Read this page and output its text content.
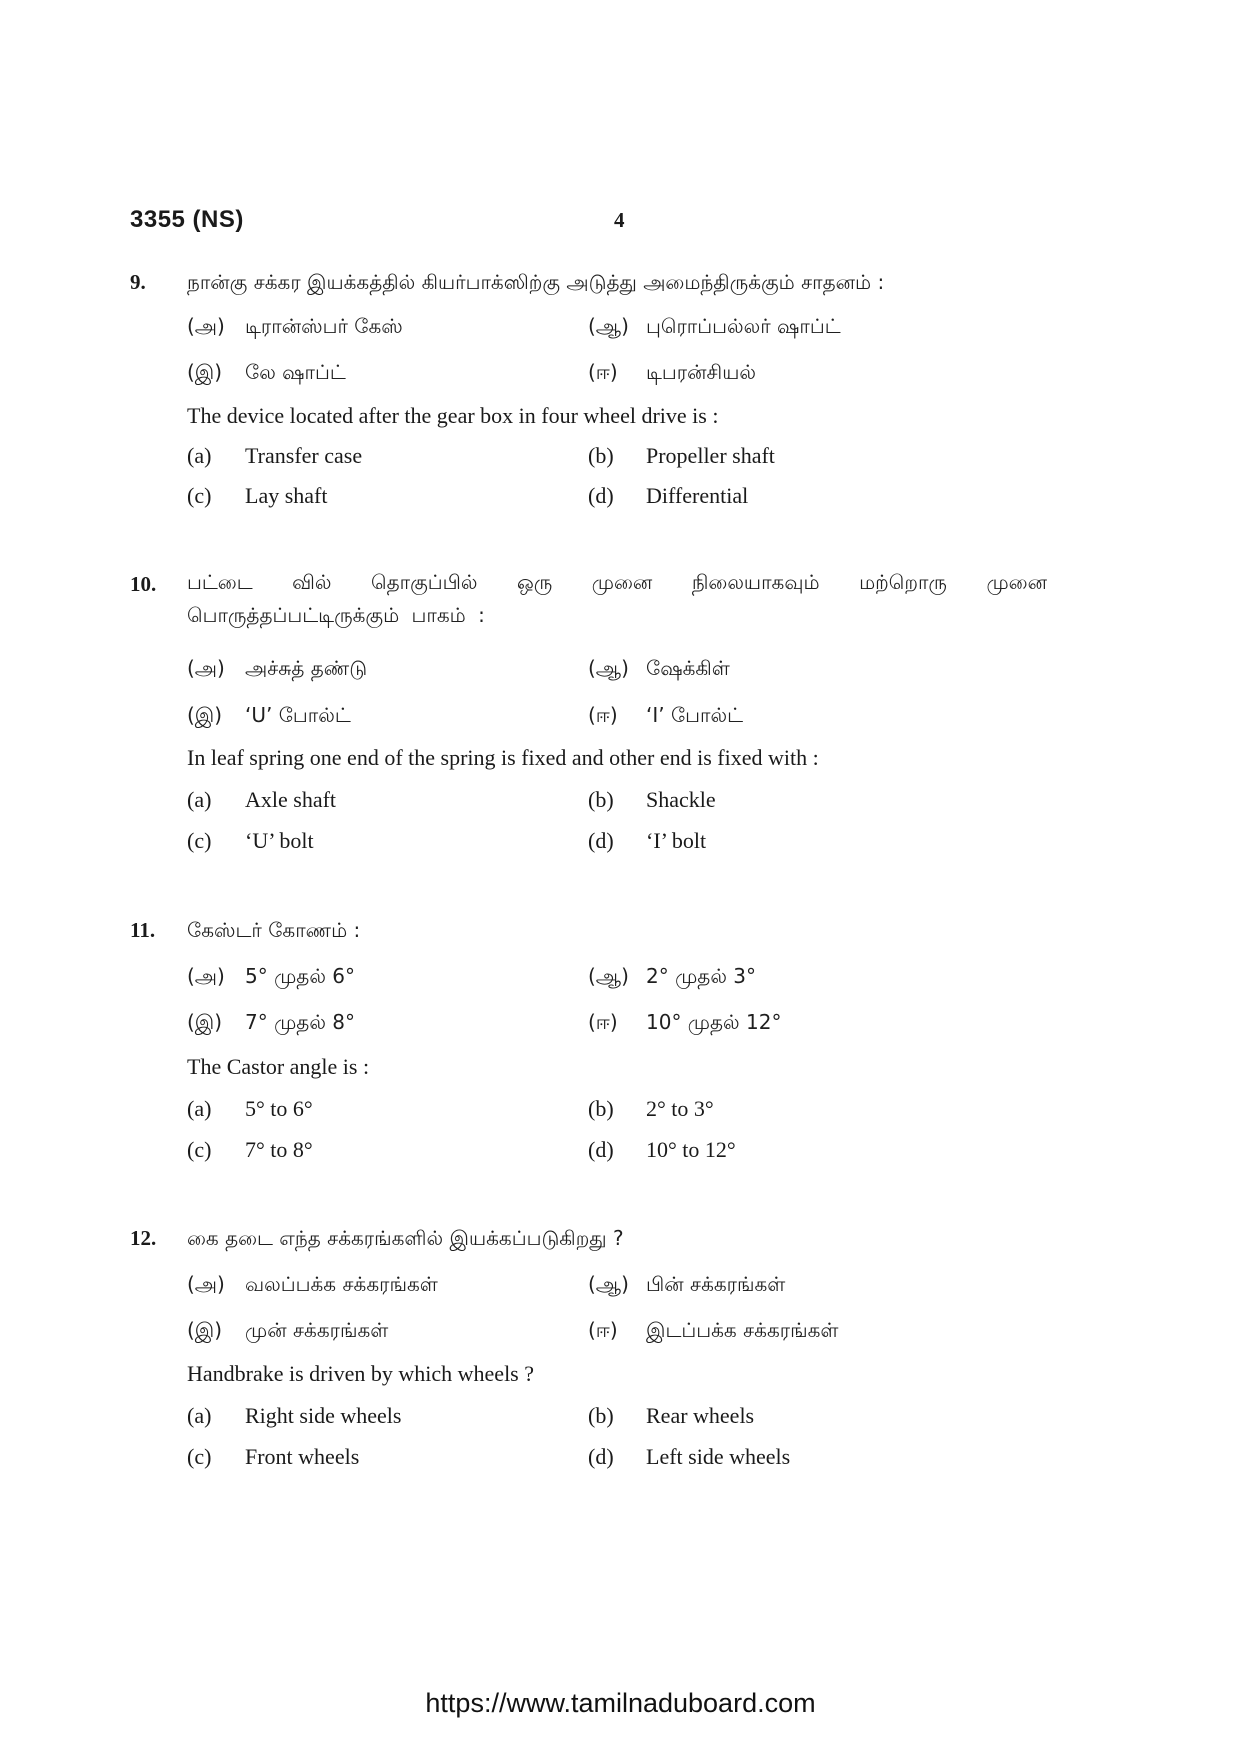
3355 (NS)	4
9. நான்கு சக்கர இயக்கத்தில் கியர்பாக்ஸிற்கு அடுத்து அமைந்திருக்கும் சாதனம் :
(அ) டிரான்ஸ்பர் கேஸ்	(ஆ) புரொப்பல்லர் ஷாப்ட்
(இ) லே ஷாப்ட்	(ஈ) டிபரன்சியல்
The device located after the gear box in four wheel drive is :
(a) Transfer case	(b) Propeller shaft
(c) Lay shaft	(d) Differential
10. பட்டை வில் தொகுப்பில் ஒரு முனை நிலையாகவும் மற்றொரு முனை பொருத்தப்பட்டிருக்கும் பாகம் :
(அ) அச்சுத் தண்டு	(ஆ) ஷேக்கிள்
(இ) ‘U’ போல்ட்	(ஈ) ‘I’ போல்ட்
In leaf spring one end of the spring is fixed and other end is fixed with :
(a) Axle shaft	(b) Shackle
(c) ‘U’ bolt	(d) ‘I’ bolt
11. கேஸ்டர் கோணம் :
(அ) 5° முதல் 6°	(ஆ) 2° முதல் 3°
(இ) 7° முதல் 8°	(ஈ) 10° முதல் 12°
The Castor angle is :
(a) 5° to 6°	(b) 2° to 3°
(c) 7° to 8°	(d) 10° to 12°
12. கை தடை எந்த சக்கரங்களில் இயக்கப்படுகிறது ?
(அ) வலப்பக்க சக்கரங்கள்	(ஆ) பின் சக்கரங்கள்
(இ) முன் சக்கரங்கள்	(ஈ) இடப்பக்க சக்கரங்கள்
Handbrake is driven by which wheels ?
(a) Right side wheels	(b) Rear wheels
(c) Front wheels	(d) Left side wheels
https://www.tamilnaduboard.com
